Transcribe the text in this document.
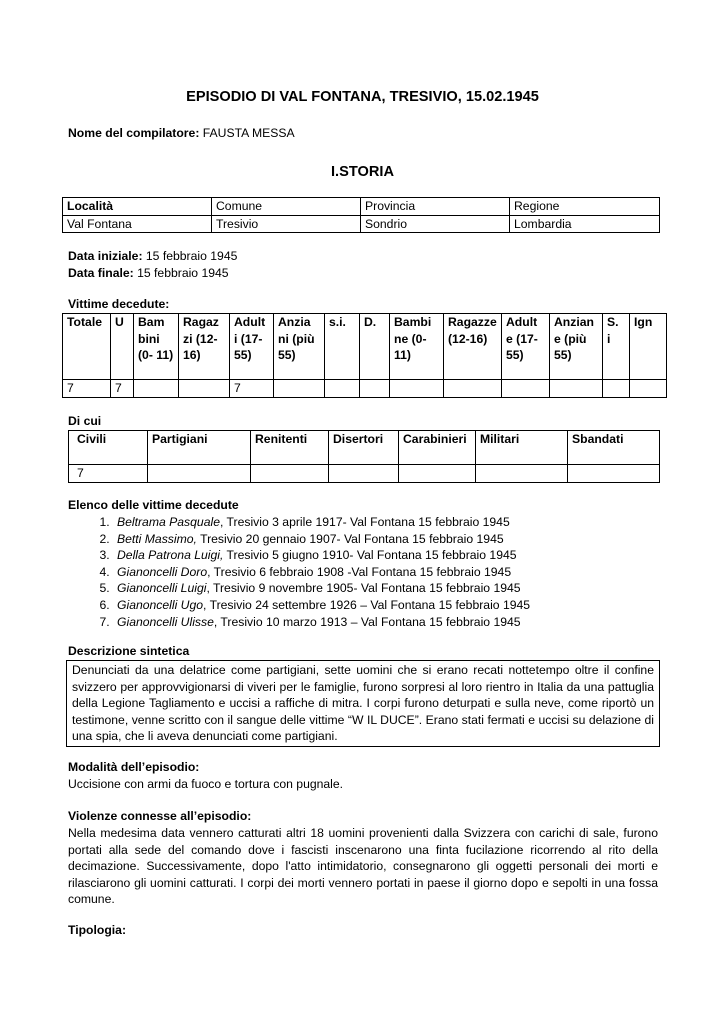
EPISODIO DI VAL FONTANA, TRESIVIO, 15.02.1945
Nome del compilatore: FAUSTA MESSA
I.STORIA
Località	Comune	Provincia	Regione
Val Fontana	Tresivio	Sondrio	Lombardia
Data iniziale: 15 febbraio 1945
Data finale: 15 febbraio 1945
Vittime decedute:
Totale	U	Bam bini (0- 11)	Ragaz zi (12- 16)	Adult i (17- 55)	Anzia ni (più 55)	s.i.	D.	Bambi ne (0- 11)	Ragazze (12-16)	Adult e (17- 55)	Anzian e (più 55)	S. i	Ign
7	7			7									
Di cui
Civili	Partigiani	Renitenti	Disertori	Carabinieri	Militari	Sbandati
7						
Elenco delle vittime decedute
1. Beltrama Pasquale, Tresivio 3 aprile 1917- Val Fontana 15 febbraio 1945
2. Betti Massimo, Tresivio 20 gennaio 1907- Val Fontana 15 febbraio 1945
3. Della Patrona Luigi, Tresivio 5 giugno 1910- Val Fontana 15 febbraio 1945
4. Gianoncelli Doro, Tresivio 6 febbraio 1908 -Val Fontana 15 febbraio 1945
5. Gianoncelli Luigi, Tresivio 9 novembre 1905- Val Fontana 15 febbraio 1945
6. Gianoncelli Ugo, Tresivio 24 settembre 1926 – Val Fontana 15 febbraio 1945
7. Gianoncelli Ulisse, Tresivio 10 marzo 1913 – Val Fontana 15 febbraio 1945
Descrizione sintetica
Denunciati da una delatrice come partigiani, sette uomini che si erano recati nottetempo oltre il confine svizzero per approvvigionarsi di viveri per le famiglie, furono sorpresi al loro rientro in Italia da una pattuglia della Legione Tagliamento e uccisi a raffiche di mitra. I corpi furono deturpati e sulla neve, come riportò un testimone, venne scritto con il sangue delle vittime “W IL DUCE”. Erano stati fermati e uccisi su delazione di una spia, che li aveva denunciati come partigiani.
Modalità dell’episodio:
Uccisione con armi da fuoco e tortura con pugnale.
Violenze connesse all’episodio:
Nella medesima data vennero catturati altri 18 uomini provenienti dalla Svizzera con carichi di sale, furono portati alla sede del comando dove i fascisti inscenarono una finta fucilazione ricorrendo al rito della decimazione. Successivamente, dopo l'atto intimidatorio, consegnarono gli oggetti personali dei morti e rilasciarono gli uomini catturati. I corpi dei morti vennero portati in paese il giorno dopo e sepolti in una fossa comune.
Tipologia:
